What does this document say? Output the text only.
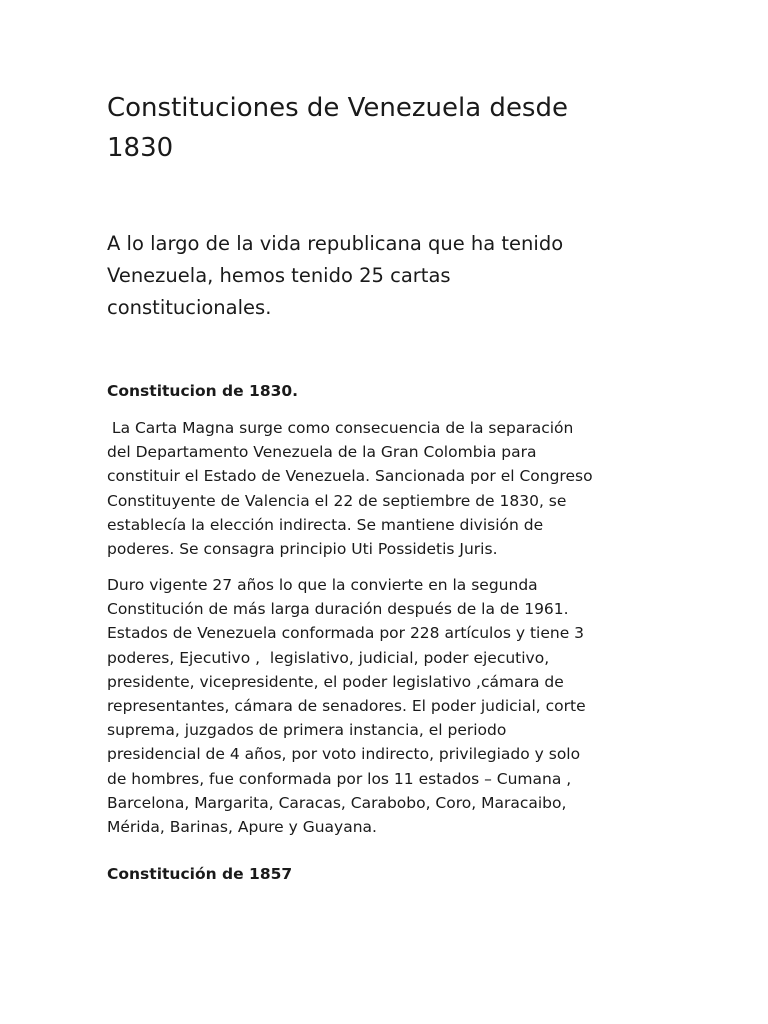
Constituciones de Venezuela desde
1830

A lo largo de la vida republicana que ha tenido
Venezuela, hemos tenido 25 cartas
constitucionales.

Constitucion de 1830.

La Carta Magna surge como consecuencia de la separación
del Departamento Venezuela de la Gran Colombia para
constituir el Estado de Venezuela. Sancionada por el Congreso
Constituyente de Valencia el 22 de septiembre de 1830, se
establecía la elección indirecta. Se mantiene división de
poderes. Se consagra principio Uti Possidetis Juris.

Duro vigente 27 años lo que la convierte en la segunda
Constitución de más larga duración después de la de 1961.
Estados de Venezuela conformada por 228 artículos y tiene 3
poderes, Ejecutivo ,  legislativo, judicial, poder ejecutivo,
presidente, vicepresidente, el poder legislativo ,cámara de
representantes, cámara de senadores. El poder judicial, corte
suprema, juzgados de primera instancia, el periodo
presidencial de 4 años, por voto indirecto, privilegiado y solo
de hombres, fue conformada por los 11 estados – Cumana ,
Barcelona, Margarita, Caracas, Carabobo, Coro, Maracaibo,
Mérida, Barinas, Apure y Guayana.

Constitución de 1857
